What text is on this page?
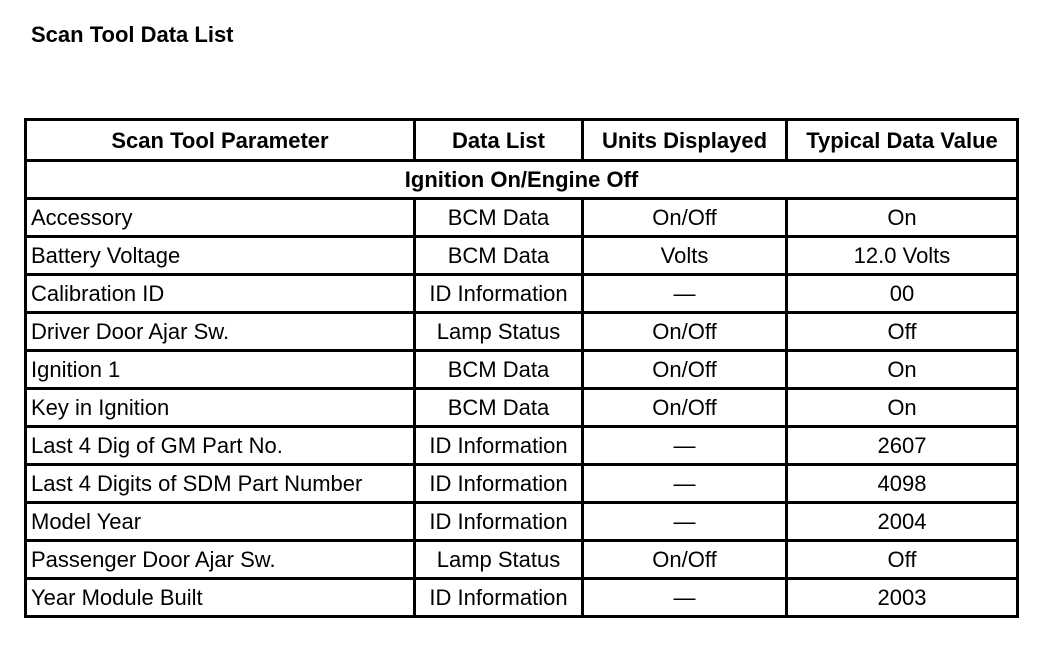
Scan Tool Data List
Scan Tool Parameter	Data List	Units Displayed	Typical Data Value
Ignition On/Engine Off			
Accessory	BCM Data	On/Off	On
Battery Voltage	BCM Data	Volts	12.0 Volts
Calibration ID	ID Information	—	00
Driver Door Ajar Sw.	Lamp Status	On/Off	Off
Ignition 1	BCM Data	On/Off	On
Key in Ignition	BCM Data	On/Off	On
Last 4 Dig of GM Part No.	ID Information	—	2607
Last 4 Digits of SDM Part Number	ID Information	—	4098
Model Year	ID Information	—	2004
Passenger Door Ajar Sw.	Lamp Status	On/Off	Off
Year Module Built	ID Information	—	2003
